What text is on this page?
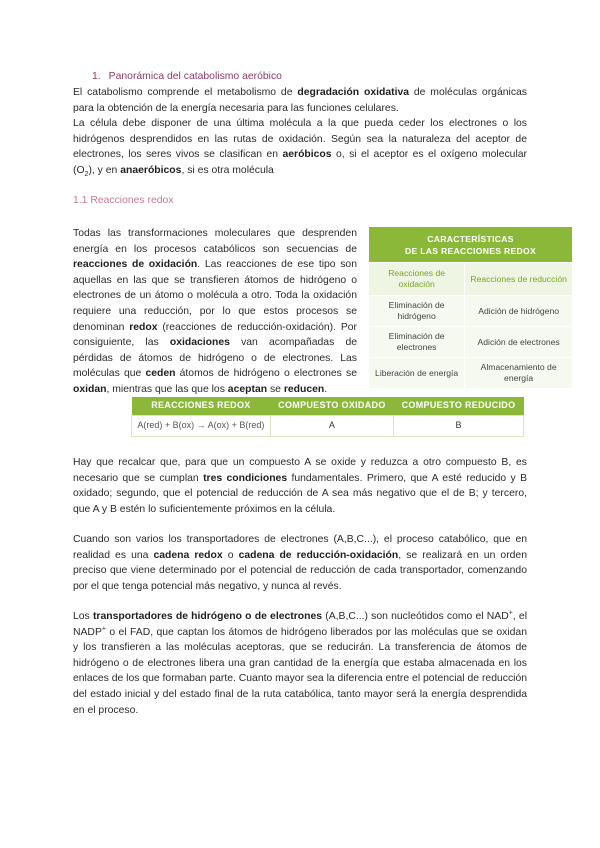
1. Panorámica del catabolismo aeróbico
El catabolismo comprende el metabolismo de degradación oxidativa de moléculas orgánicas para la obtención de la energía necesaria para las funciones celulares.
La célula debe disponer de una última molécula a la que pueda ceder los electrones o los hidrógenos desprendidos en las rutas de oxidación. Según sea la naturaleza del aceptor de electrones, los seres vivos se clasifican en aeróbicos o, si el aceptor es el oxígeno molecular $(O_2)$, y en anaeróbicos, si es otra molécula
1.1 Reacciones redox
Todas las transformaciones moleculares que desprenden energía en los procesos catabólicos son secuencias de reacciones de oxidación. Las reacciones de ese tipo son aquellas en las que se transfieren átomos de hidrógeno o electrones de un átomo o molécula a otro. Toda la oxidación requiere una reducción, por lo que estos procesos se denominan redox (reacciones de reducción-oxidación). Por consiguiente, las oxidaciones van acompañadas de pérdidas de átomos de hidrógeno o de electrones. Las moléculas que ceden átomos de hidrógeno o electrones se oxidan, mientras que las que los aceptan se reducen.
CARACTERÍSTICAS
DE LAS REACCIONES REDOX	
Reacciones de oxidación	Reacciones de reducción
Eliminación de hidrógeno	Adición de hidrógeno
Eliminación de electrones	Adición de electrones
Liberación de energía	Almacenamiento de energía
REACCIONES REDOX	COMPUESTO OXIDADO	COMPUESTO REDUCIDO
A(red) + B(ox) → A(ox) + B(red)	A	B
Hay que recalcar que, para que un compuesto A se oxide y reduzca a otro compuesto B, es necesario que se cumplan tres condiciones fundamentales. Primero, que A esté reducido y B oxidado; segundo, que el potencial de reducción de A sea más negativo que el de B; y tercero, que A y B estén lo suficientemente próximos en la célula.
Cuando son varios los transportadores de electrones (A,B,C...), el proceso catabólico, que en realidad es una cadena redox o cadena de reducción-oxidación, se realizará en un orden preciso que viene determinado por el potencial de reducción de cada transportador, comenzando por el que tenga potencial más negativo, y nunca al revés.
Los transportadores de hidrógeno o de electrones (A,B,C...) son nucleótidos como el NAD+, el NADP+ o el FAD, que captan los átomos de hidrógeno liberados por las moléculas que se oxidan y los transfieren a las moléculas aceptoras, que se reducirán. La transferencia de átomos de hidrógeno o de electrones libera una gran cantidad de la energía que estaba almacenada en los enlaces de los que formaban parte. Cuanto mayor sea la diferencia entre el potencial de reducción del estado inicial y del estado final de la ruta catabólica, tanto mayor será la energía desprendida en el proceso.
